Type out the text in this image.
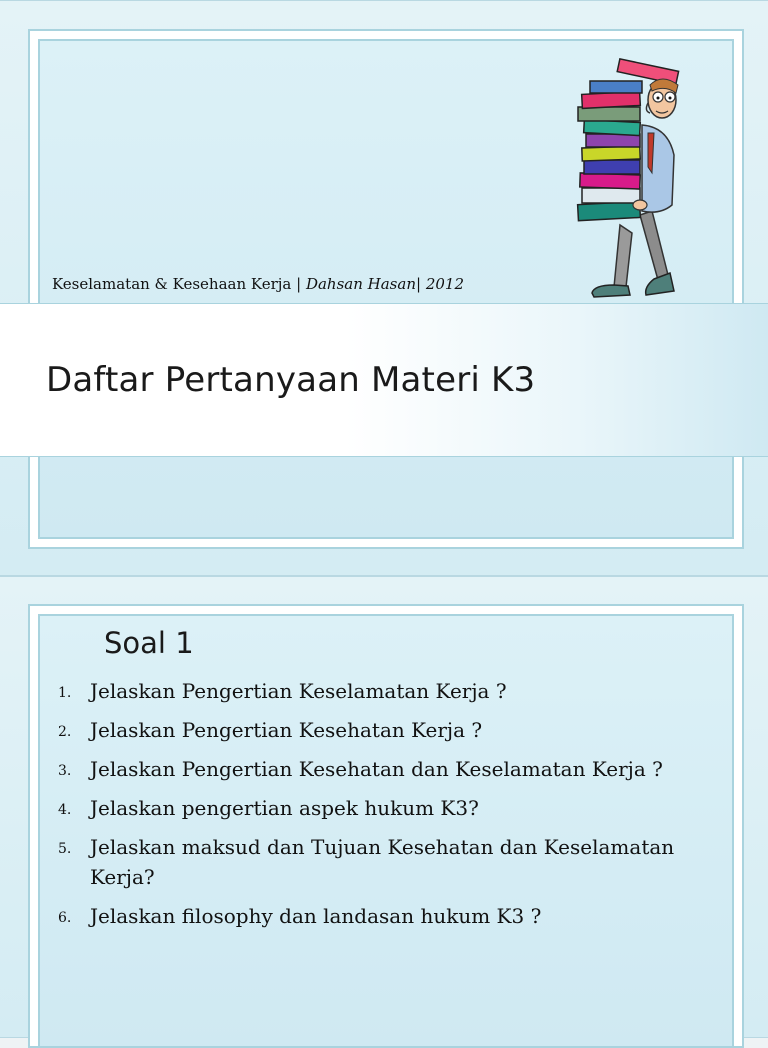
Keselamatan & Kesehaan Kerja | Dahsan Hasan| 2012
Daftar Pertanyaan Materi K3
Soal 1
1. Jelaskan Pengertian Keselamatan Kerja ?
2. Jelaskan Pengertian Kesehatan Kerja ?
3. Jelaskan Pengertian Kesehatan dan Keselamatan Kerja ?
4. Jelaskan pengertian aspek hukum K3?
5. Jelaskan maksud dan Tujuan Kesehatan dan Keselamatan Kerja?
6. Jelaskan filosophy dan landasan hukum K3 ?
